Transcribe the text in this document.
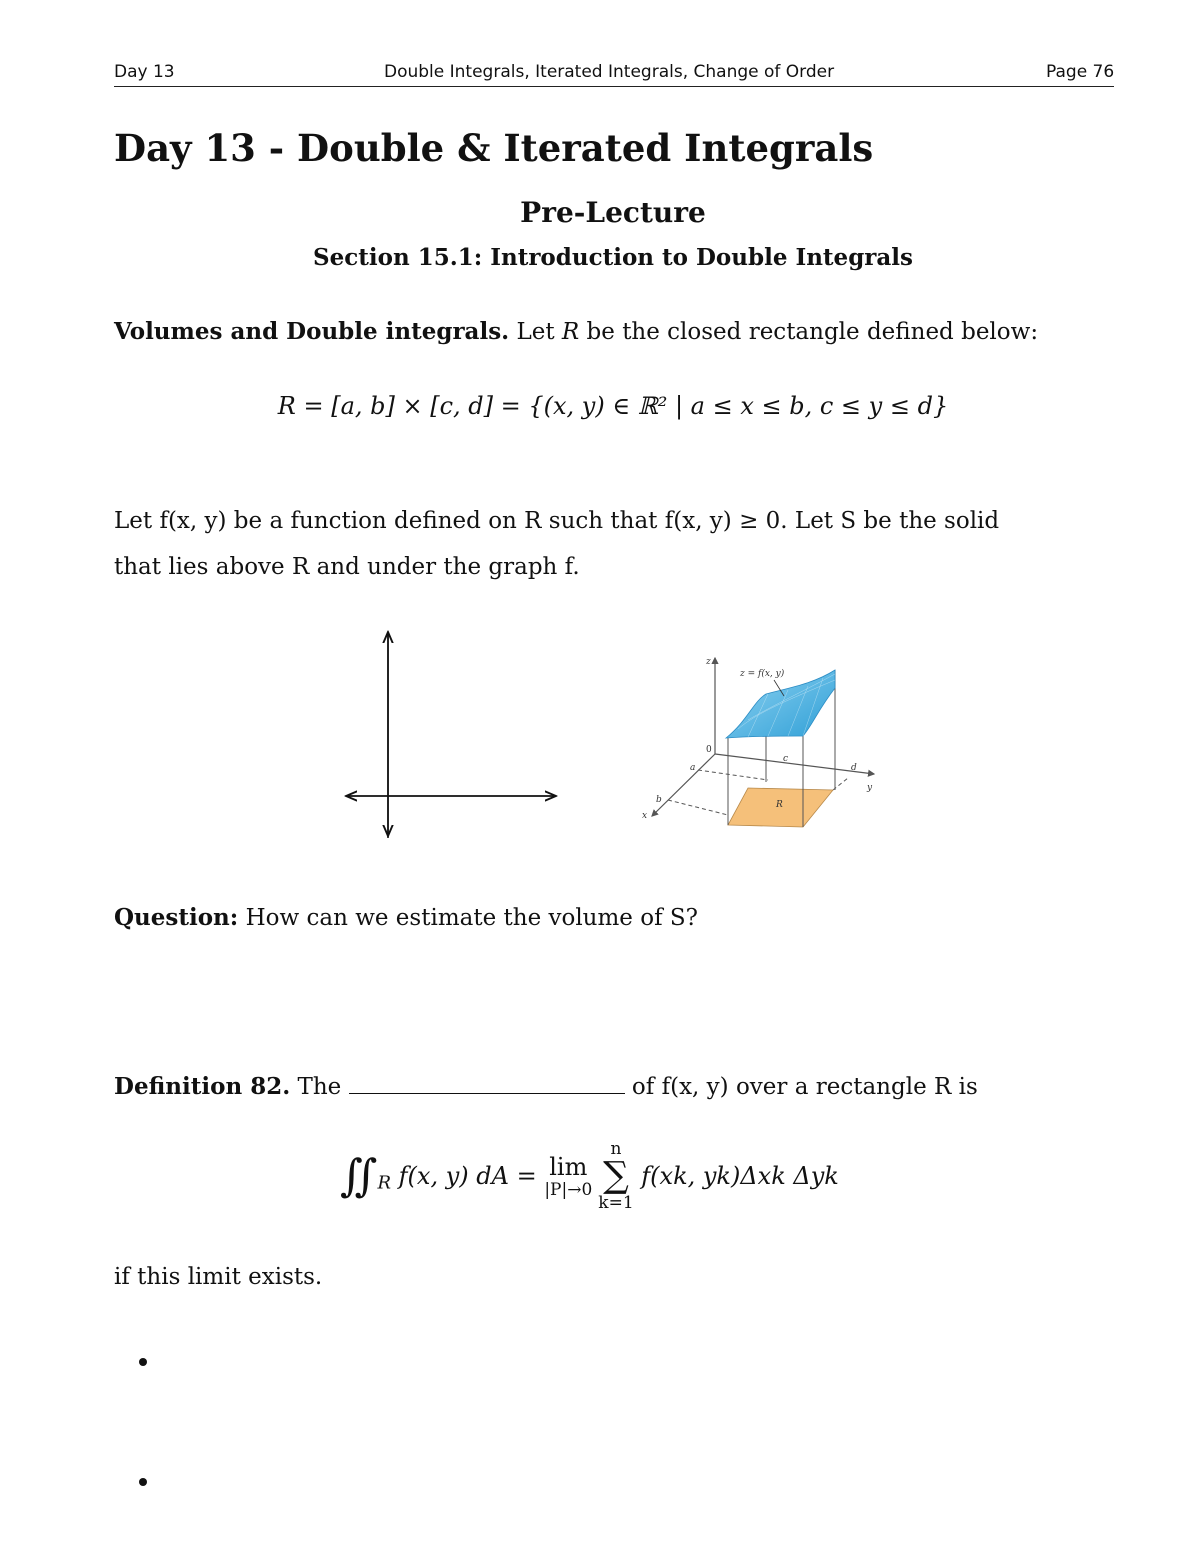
Day 13	Double Integrals, Iterated Integrals, Change of Order	Page 76
Day 13 - Double & Iterated Integrals
Pre-Lecture
Section 15.1: Introduction to Double Integrals
Volumes and Double integrals. Let R be the closed rectangle defined below:
R = [a, b] × [c, d] = {(x, y) ∈ ℝ² | a ≤ x ≤ b, c ≤ y ≤ d}
Let f(x, y) be a function defined on R such that f(x, y) ≥ 0. Let S be the solid
that lies above R and under the graph f.
z
0
y
x
R
z = f(x, y)
a
b
c
d
Question: How can we estimate the volume of S?
Definition 82. The	of f(x, y) over a rectangle R is
$∬_R$ f(x, y) dA = lim
|P|→0
n
∑
k=1
f(xk, yk)Δxk Δyk
if this limit exists.
